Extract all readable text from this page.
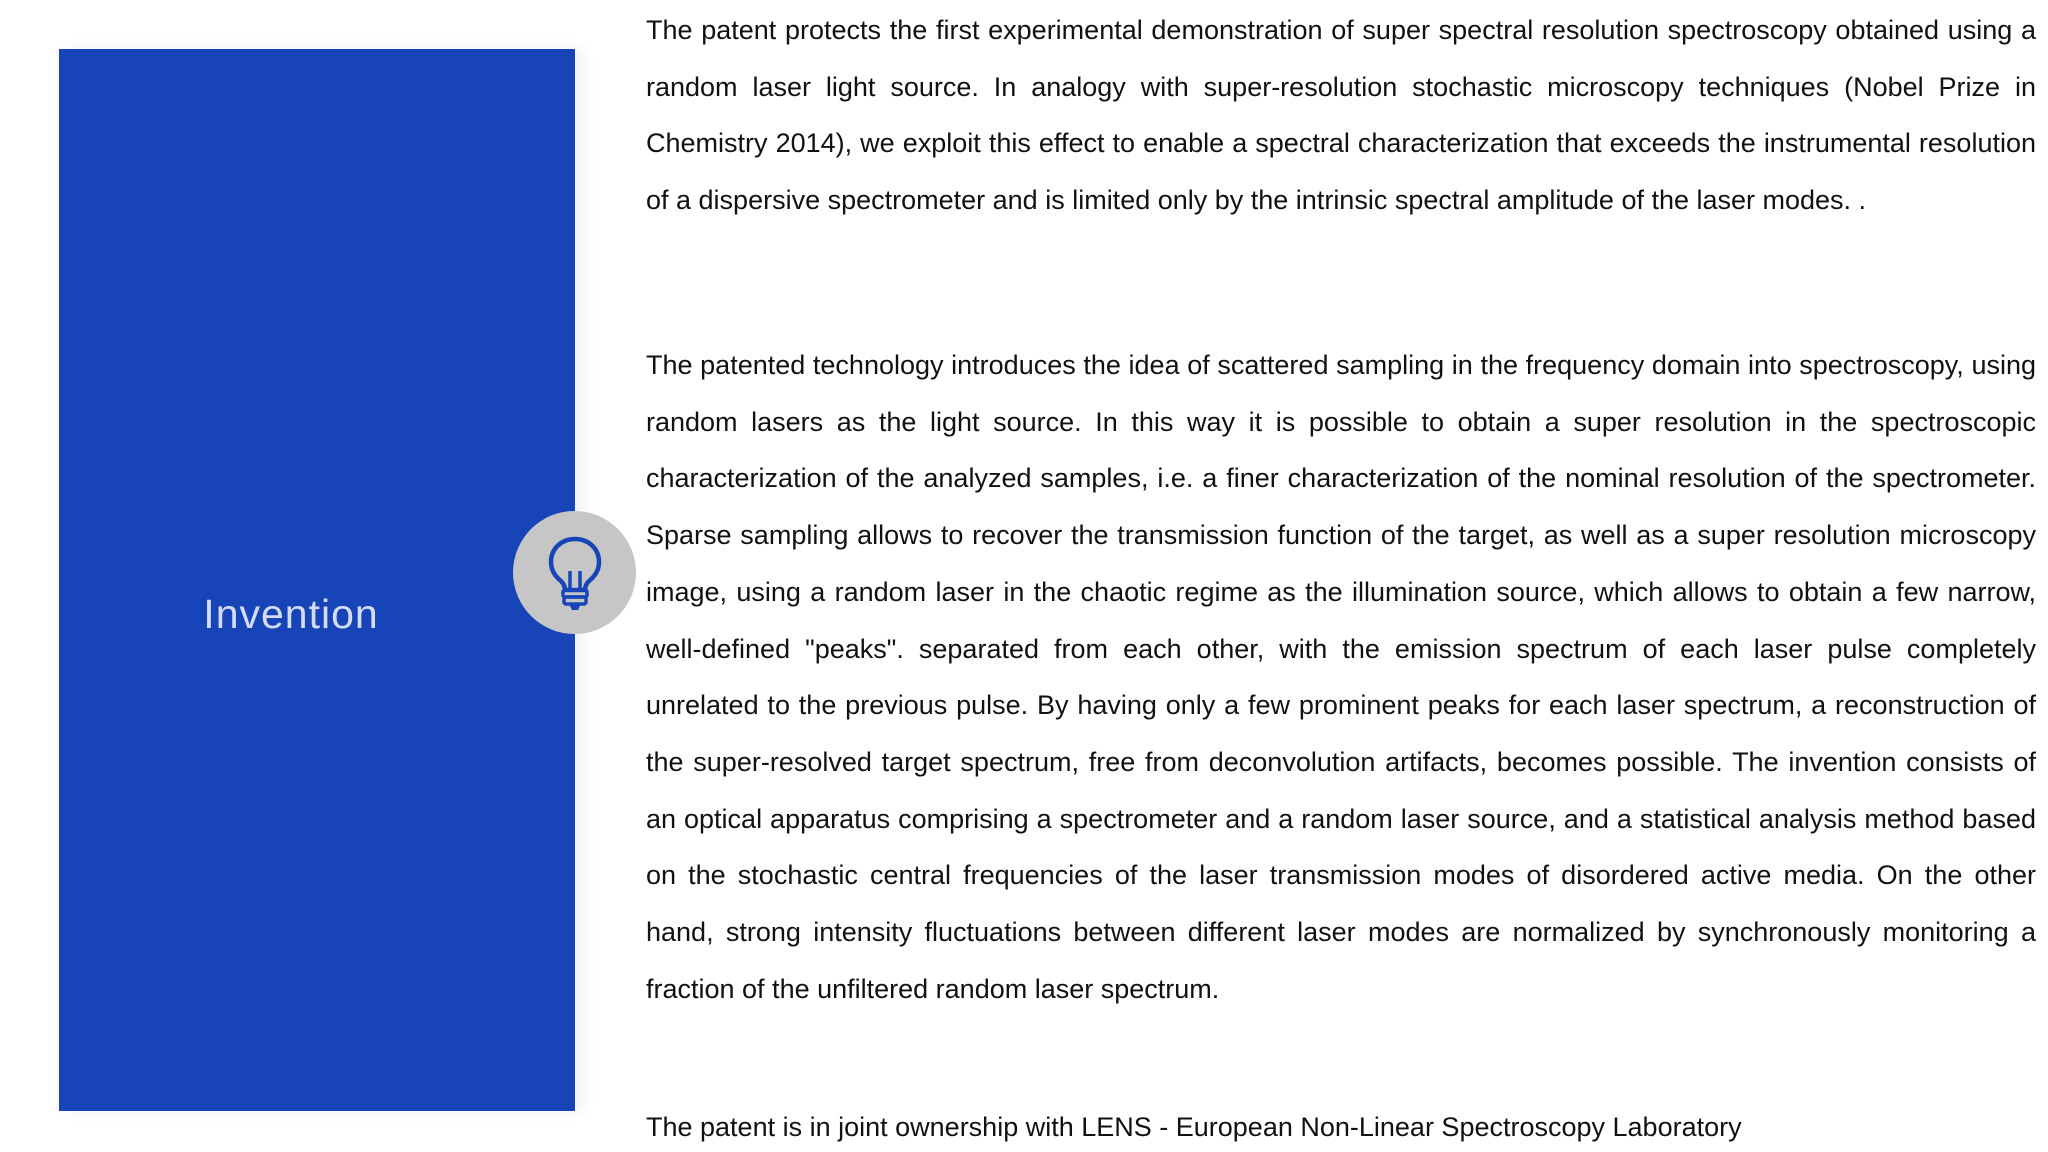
Invention

The patent protects the first experimental demonstration of super spectral resolution spectroscopy obtained using a random laser light source. In analogy with super-resolution stochastic microscopy techniques (Nobel Prize in Chemistry 2014), we exploit this effect to enable a spectral characterization that exceeds the instrumental resolution of a dispersive spectrometer and is limited only by the intrinsic spectral amplitude of the laser modes. .

The patented technology introduces the idea of scattered sampling in the frequency domain into spectroscopy, using random lasers as the light source. In this way it is possible to obtain a super resolution in the spectroscopic characterization of the analyzed samples, i.e. a finer characterization of the nominal resolution of the spectrometer. Sparse sampling allows to recover the transmission function of the target, as well as a super resolution microscopy image, using a random laser in the chaotic regime as the illumination source, which allows to obtain a few narrow, well-defined "peaks". separated from each other, with the emission spectrum of each laser pulse completely unrelated to the previous pulse. By having only a few prominent peaks for each laser spectrum, a reconstruction of the super-resolved target spectrum, free from deconvolution artifacts, becomes possible. The invention consists of an optical apparatus comprising a spectrometer and a random laser source, and a statistical analysis method based on the stochastic central frequencies of the laser transmission modes of disordered active media. On the other hand, strong intensity fluctuations between different laser modes are normalized by synchronously monitoring a fraction of the unfiltered random laser spectrum.

The patent is in joint ownership with LENS - European Non-Linear Spectroscopy Laboratory
